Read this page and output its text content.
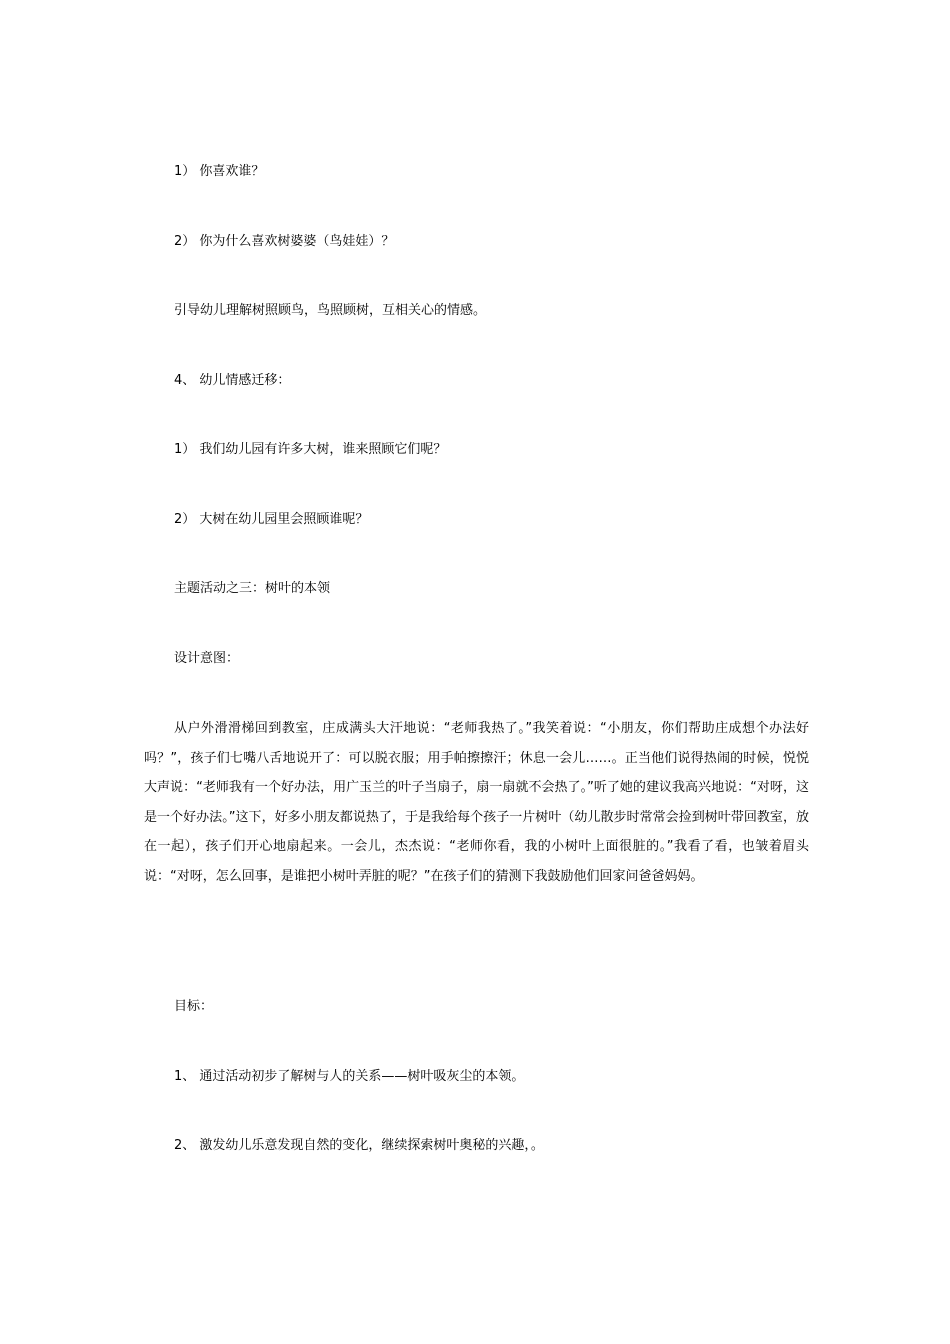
1） 你喜欢谁？
2） 你为什么喜欢树婆婆（鸟娃娃）？
引导幼儿理解树照顾鸟，鸟照顾树，互相关心的情感。
4、 幼儿情感迁移：
1） 我们幼儿园有许多大树，谁来照顾它们呢？
2） 大树在幼儿园里会照顾谁呢？
主题活动之三：树叶的本领
设计意图：
从户外滑滑梯回到教室，庄成满头大汗地说：“老师我热了。”我笑着说：“小朋友，你们帮助庄成想个办法好吗？”，孩子们七嘴八舌地说开了：可以脱衣服；用手帕擦擦汗；休息一会儿……。正当他们说得热闹的时候，悦悦大声说：“老师我有一个好办法，用广玉兰的叶子当扇子，扇一扇就不会热了。”听了她的建议我高兴地说：“对呀，这是一个好办法。”这下，好多小朋友都说热了，于是我给每个孩子一片树叶（幼儿散步时常常会捡到树叶带回教室，放在一起），孩子们开心地扇起来。一会儿，杰杰说：“老师你看，我的小树叶上面很脏的。”我看了看，也皱着眉头说：“对呀，怎么回事，是谁把小树叶弄脏的呢？”在孩子们的猜测下我鼓励他们回家问爸爸妈妈。
目标：
1、 通过活动初步了解树与人的关系——树叶吸灰尘的本领。
2、 激发幼儿乐意发现自然的变化，继续探索树叶奥秘的兴趣，。
